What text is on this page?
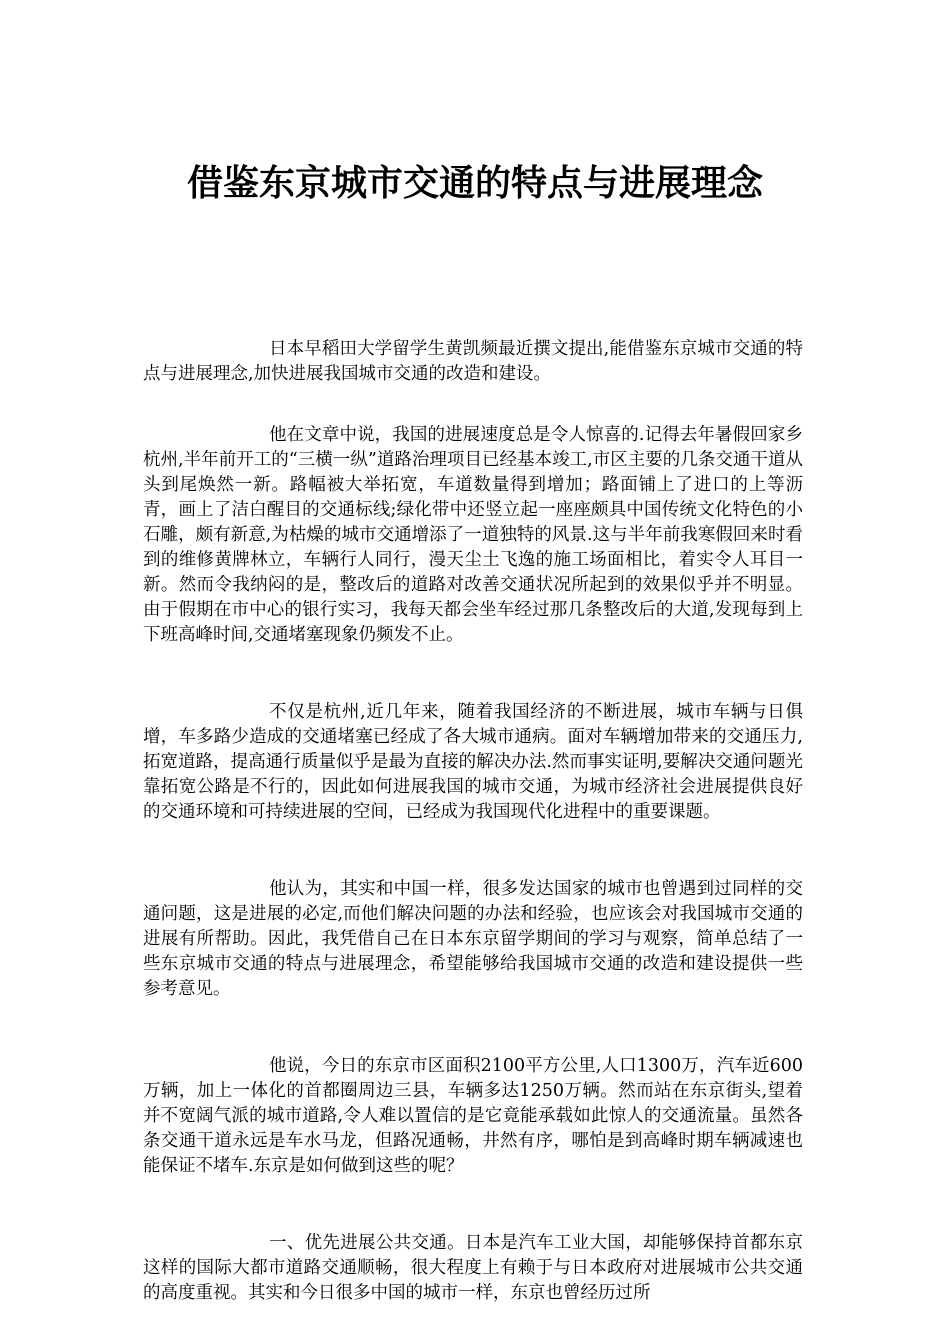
借鉴东京城市交通的特点与进展理念

日本早稻田大学留学生黄凯频最近撰文提出,能借鉴东京城市交通的特点与进展理念,加快进展我国城市交通的改造和建设。

他在文章中说，我国的进展速度总是令人惊喜的.记得去年暑假回家乡杭州,半年前开工的“三横一纵”道路治理项目已经基本竣工,市区主要的几条交通干道从头到尾焕然一新。路幅被大举拓宽，车道数量得到增加；路面铺上了进口的上等沥青，画上了洁白醒目的交通标线;绿化带中还竖立起一座座颇具中国传统文化特色的小石雕，颇有新意,为枯燥的城市交通增添了一道独特的风景.这与半年前我寒假回来时看到的维修黄牌林立，车辆行人同行，漫天尘土飞逸的施工场面相比，着实令人耳目一新。然而令我纳闷的是，整改后的道路对改善交通状况所起到的效果似乎并不明显。由于假期在市中心的银行实习，我每天都会坐车经过那几条整改后的大道,发现每到上下班高峰时间,交通堵塞现象仍频发不止。

不仅是杭州,近几年来，随着我国经济的不断进展，城市车辆与日俱增，车多路少造成的交通堵塞已经成了各大城市通病。面对车辆增加带来的交通压力,拓宽道路，提高通行质量似乎是最为直接的解决办法.然而事实证明,要解决交通问题光靠拓宽公路是不行的，因此如何进展我国的城市交通，为城市经济社会进展提供良好的交通环境和可持续进展的空间，已经成为我国现代化进程中的重要课题。

他认为，其实和中国一样，很多发达国家的城市也曾遇到过同样的交通问题，这是进展的必定,而他们解决问题的办法和经验，也应该会对我国城市交通的进展有所帮助。因此，我凭借自己在日本东京留学期间的学习与观察，简单总结了一些东京城市交通的特点与进展理念，希望能够给我国城市交通的改造和建设提供一些参考意见。

他说，今日的东京市区面积2100平方公里,人口1300万，汽车近600万辆，加上一体化的首都圈周边三县，车辆多达1250万辆。然而站在东京街头,望着并不宽阔气派的城市道路,令人难以置信的是它竟能承载如此惊人的交通流量。虽然各条交通干道永远是车水马龙，但路况通畅，井然有序，哪怕是到高峰时期车辆减速也能保证不堵车.东京是如何做到这些的呢？

一、优先进展公共交通。日本是汽车工业大国，却能够保持首都东京这样的国际大都市道路交通顺畅，很大程度上有赖于与日本政府对进展城市公共交通的高度重视。其实和今日很多中国的城市一样，东京也曾经历过所
